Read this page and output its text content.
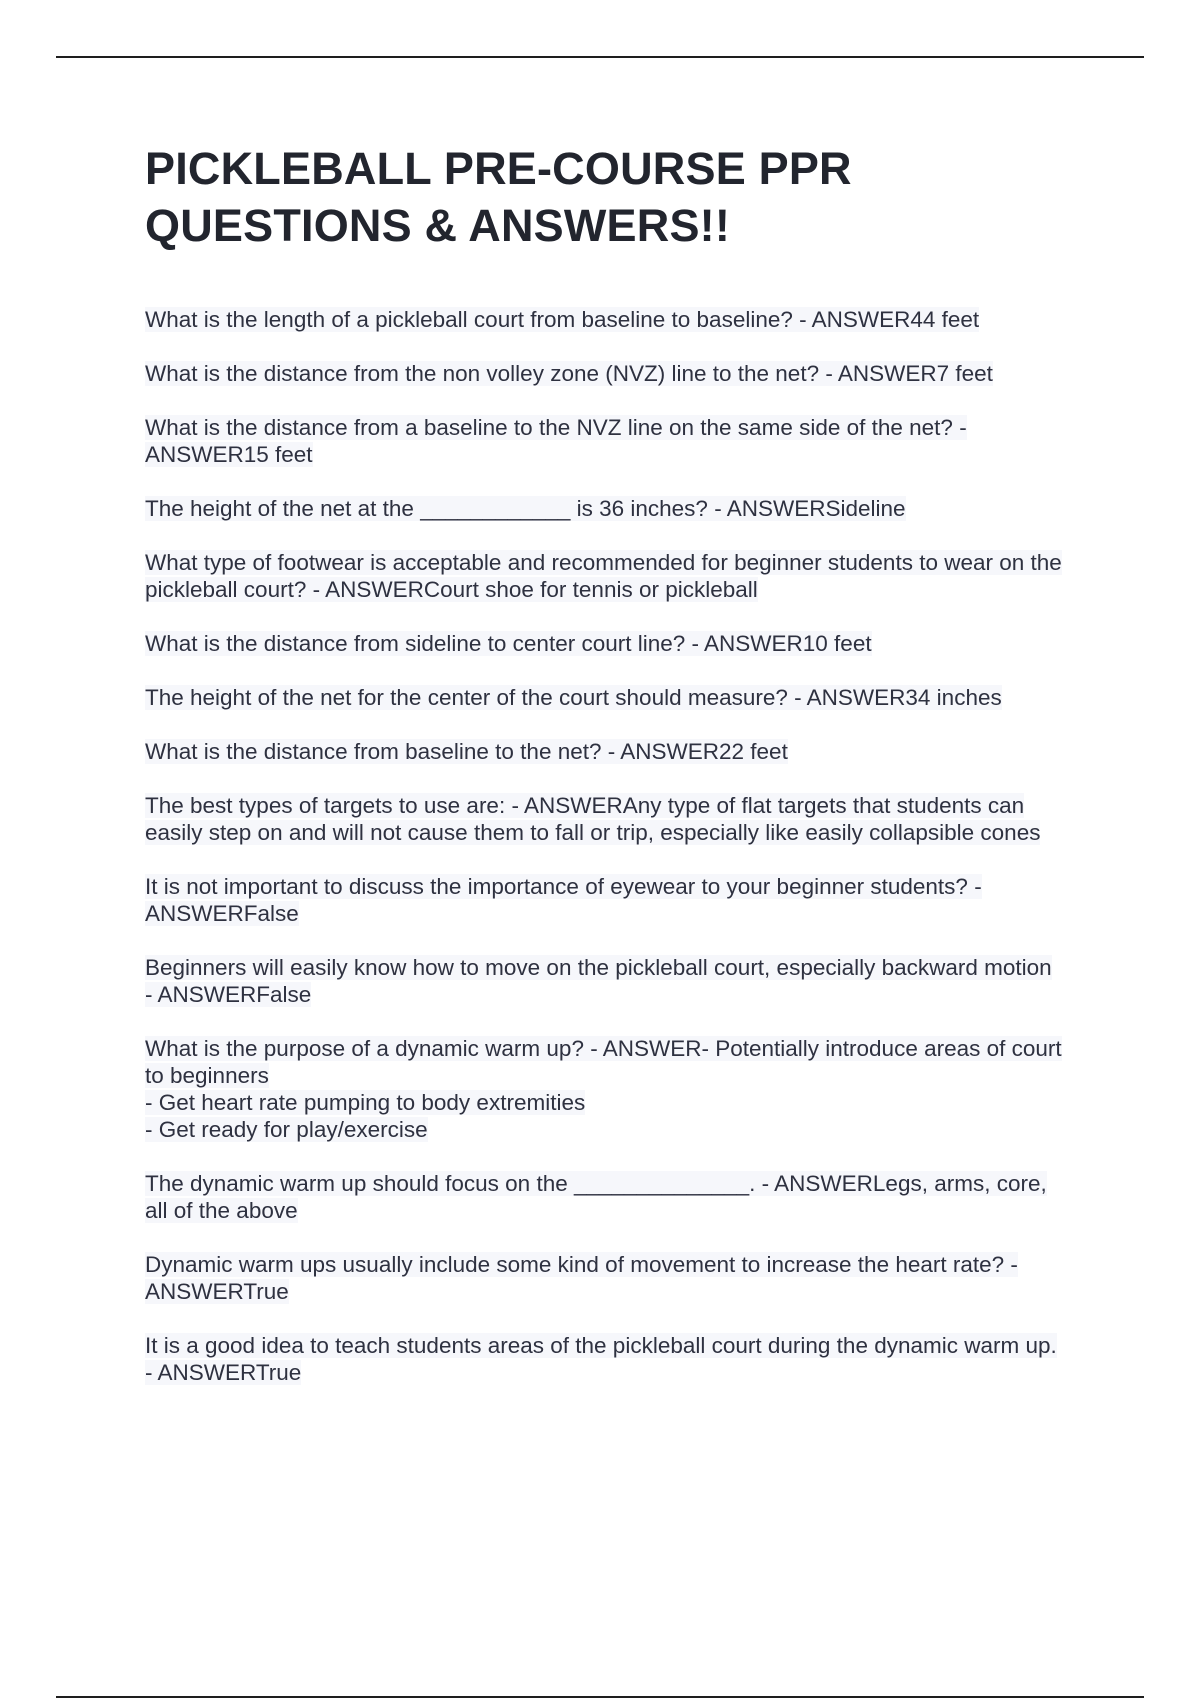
PICKLEBALL PRE-COURSE PPR
QUESTIONS & ANSWERS!!

What is the length of a pickleball court from baseline to baseline? - ANSWER44 feet

What is the distance from the non volley zone (NVZ) line to the net? - ANSWER7 feet

What is the distance from a baseline to the NVZ line on the same side of the net? - ANSWER15 feet

The height of the net at the ____________ is 36 inches? - ANSWERSideline

What type of footwear is acceptable and recommended for beginner students to wear on the pickleball court? - ANSWERCourt shoe for tennis or pickleball

What is the distance from sideline to center court line? - ANSWER10 feet

The height of the net for the center of the court should measure? - ANSWER34 inches

What is the distance from baseline to the net? - ANSWER22 feet

The best types of targets to use are: - ANSWERAny type of flat targets that students can easily step on and will not cause them to fall or trip, especially like easily collapsible cones

It is not important to discuss the importance of eyewear to your beginner students? - ANSWERFalse

Beginners will easily know how to move on the pickleball court, especially backward motion - ANSWERFalse

What is the purpose of a dynamic warm up? - ANSWER- Potentially introduce areas of court to beginners
- Get heart rate pumping to body extremities
- Get ready for play/exercise

The dynamic warm up should focus on the ______________. - ANSWERLegs, arms, core, all of the above

Dynamic warm ups usually include some kind of movement to increase the heart rate? - ANSWERTrue

It is a good idea to teach students areas of the pickleball court during the dynamic warm up. - ANSWERTrue
